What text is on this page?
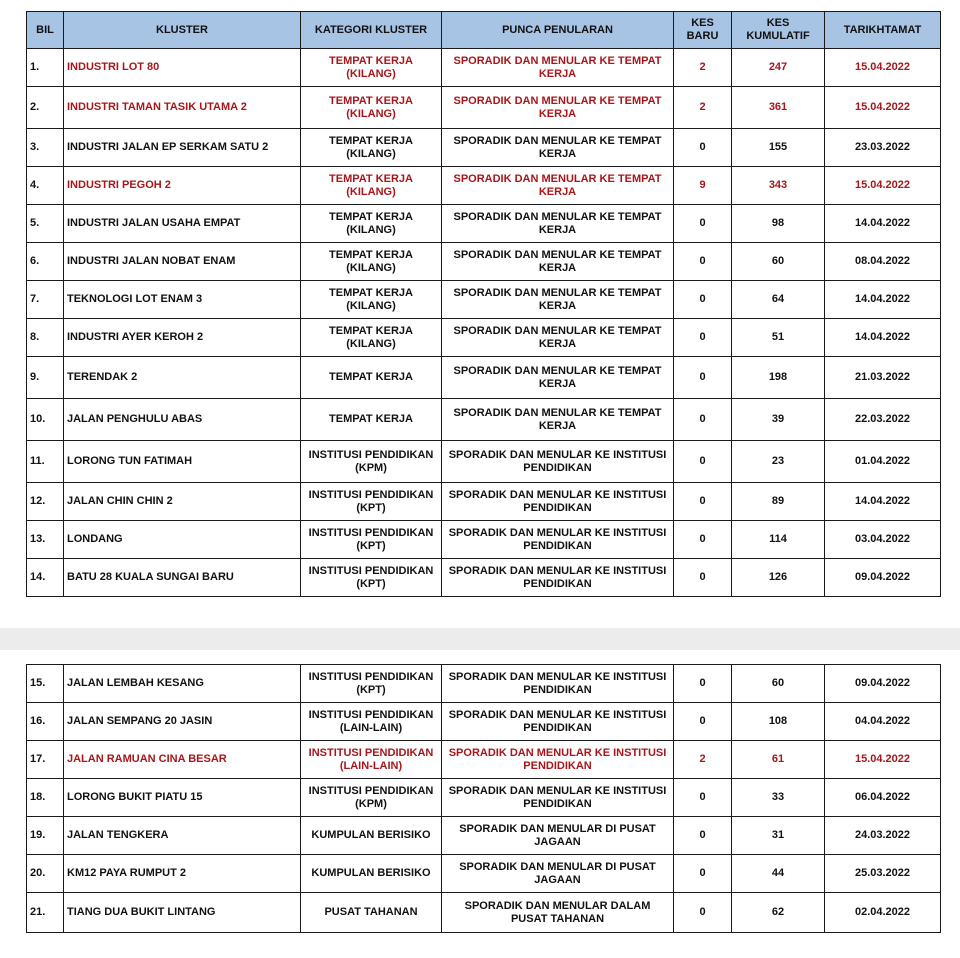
BIL	KLUSTER	KATEGORI KLUSTER	PUNCA PENULARAN	KES BARU	KES KUMULATIF	TARIKHTAMAT
1.	INDUSTRI LOT 80	TEMPAT KERJA (KILANG)	SPORADIK DAN MENULAR KE TEMPAT KERJA	2	247	15.04.2022
2.	INDUSTRI TAMAN TASIK UTAMA 2	TEMPAT KERJA (KILANG)	SPORADIK DAN MENULAR KE TEMPAT KERJA	2	361	15.04.2022
3.	INDUSTRI JALAN EP SERKAM SATU 2	TEMPAT KERJA (KILANG)	SPORADIK DAN MENULAR KE TEMPAT KERJA	0	155	23.03.2022
4.	INDUSTRI PEGOH 2	TEMPAT KERJA (KILANG)	SPORADIK DAN MENULAR KE TEMPAT KERJA	9	343	15.04.2022
5.	INDUSTRI JALAN USAHA EMPAT	TEMPAT KERJA (KILANG)	SPORADIK DAN MENULAR KE TEMPAT KERJA	0	98	14.04.2022
6.	INDUSTRI JALAN NOBAT ENAM	TEMPAT KERJA (KILANG)	SPORADIK DAN MENULAR KE TEMPAT KERJA	0	60	08.04.2022
7.	TEKNOLOGI LOT ENAM 3	TEMPAT KERJA (KILANG)	SPORADIK DAN MENULAR KE TEMPAT KERJA	0	64	14.04.2022
8.	INDUSTRI AYER KEROH 2	TEMPAT KERJA (KILANG)	SPORADIK DAN MENULAR KE TEMPAT KERJA	0	51	14.04.2022
9.	TERENDAK 2	TEMPAT KERJA	SPORADIK DAN MENULAR KE TEMPAT KERJA	0	198	21.03.2022
10.	JALAN PENGHULU ABAS	TEMPAT KERJA	SPORADIK DAN MENULAR KE TEMPAT KERJA	0	39	22.03.2022
11.	LORONG TUN FATIMAH	INSTITUSI PENDIDIKAN (KPM)	SPORADIK DAN MENULAR KE INSTITUSI PENDIDIKAN	0	23	01.04.2022
12.	JALAN CHIN CHIN 2	INSTITUSI PENDIDIKAN (KPT)	SPORADIK DAN MENULAR KE INSTITUSI PENDIDIKAN	0	89	14.04.2022
13.	LONDANG	INSTITUSI PENDIDIKAN (KPT)	SPORADIK DAN MENULAR KE INSTITUSI PENDIDIKAN	0	114	03.04.2022
14.	BATU 28 KUALA SUNGAI BARU	INSTITUSI PENDIDIKAN (KPT)	SPORADIK DAN MENULAR KE INSTITUSI PENDIDIKAN	0	126	09.04.2022
15.	JALAN LEMBAH KESANG	INSTITUSI PENDIDIKAN (KPT)	SPORADIK DAN MENULAR KE INSTITUSI PENDIDIKAN	0	60	09.04.2022
16.	JALAN SEMPANG 20 JASIN	INSTITUSI PENDIDIKAN (LAIN-LAIN)	SPORADIK DAN MENULAR KE INSTITUSI PENDIDIKAN	0	108	04.04.2022
17.	JALAN RAMUAN CINA BESAR	INSTITUSI PENDIDIKAN (LAIN-LAIN)	SPORADIK DAN MENULAR KE INSTITUSI PENDIDIKAN	2	61	15.04.2022
18.	LORONG BUKIT PIATU 15	INSTITUSI PENDIDIKAN (KPM)	SPORADIK DAN MENULAR KE INSTITUSI PENDIDIKAN	0	33	06.04.2022
19.	JALAN TENGKERA	KUMPULAN BERISIKO	SPORADIK DAN MENULAR DI PUSAT JAGAAN	0	31	24.03.2022
20.	KM12 PAYA RUMPUT 2	KUMPULAN BERISIKO	SPORADIK DAN MENULAR DI PUSAT JAGAAN	0	44	25.03.2022
21.	TIANG DUA BUKIT LINTANG	PUSAT TAHANAN	SPORADIK DAN MENULAR DALAM PUSAT TAHANAN	0	62	02.04.2022
